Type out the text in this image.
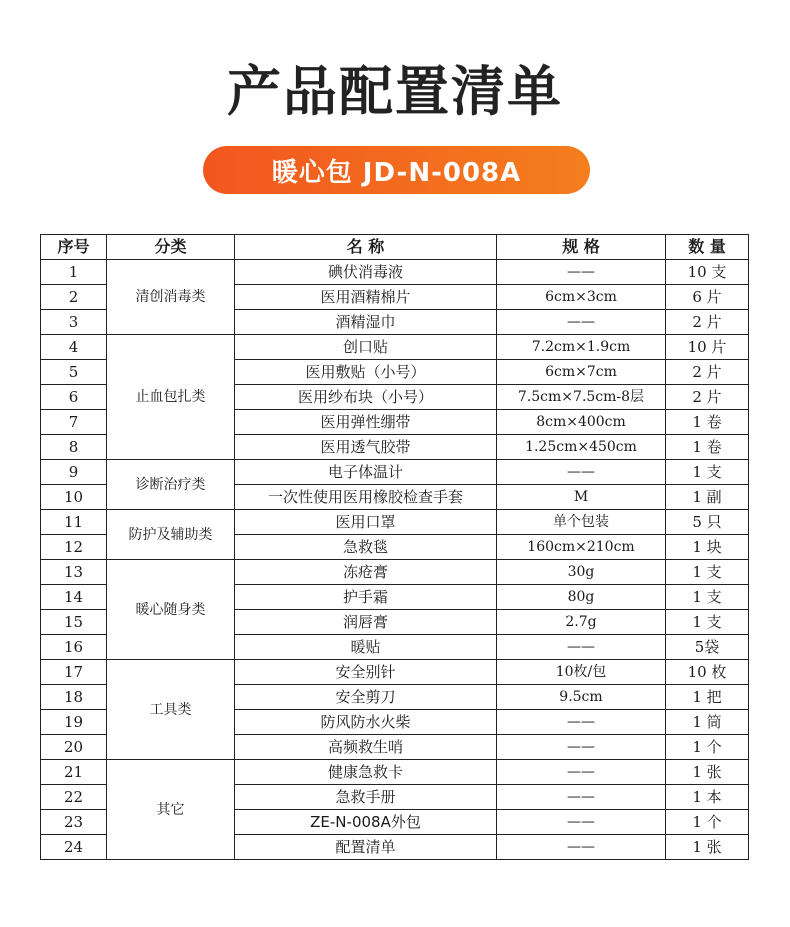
产品配置清单
暖心包 JD-N-008A
序号	分类	名 称	规 格	数 量
1	清创消毒类	碘伏消毒液	——	10 支
2		医用酒精棉片	6cm×3cm	6 片
3		酒精湿巾	——	2 片
4	止血包扎类	创口贴	7.2cm×1.9cm	10 片
5		医用敷贴（小号）	6cm×7cm	2 片
6		医用纱布块（小号）	7.5cm×7.5cm-8层	2 片
7		医用弹性绷带	8cm×400cm	1 卷
8		医用透气胶带	1.25cm×450cm	1 卷
9	诊断治疗类	电子体温计	——	1 支
10		一次性使用医用橡胶检查手套	M	1 副
11	防护及辅助类	医用口罩	单个包装	5 只
12		急救毯	160cm×210cm	1 块
13	暖心随身类	冻疮膏	30g	1 支
14		护手霜	80g	1 支
15		润唇膏	2.7g	1 支
16		暖贴	——	5袋
17	工具类	安全别针	10枚/包	10 枚
18		安全剪刀	9.5cm	1 把
19		防风防水火柴	——	1 筒
20		高频救生哨	——	1 个
21	其它	健康急救卡	——	1 张
22		急救手册	——	1 本
23		ZE-N-008A外包	——	1 个
24		配置清单	——	1 张
